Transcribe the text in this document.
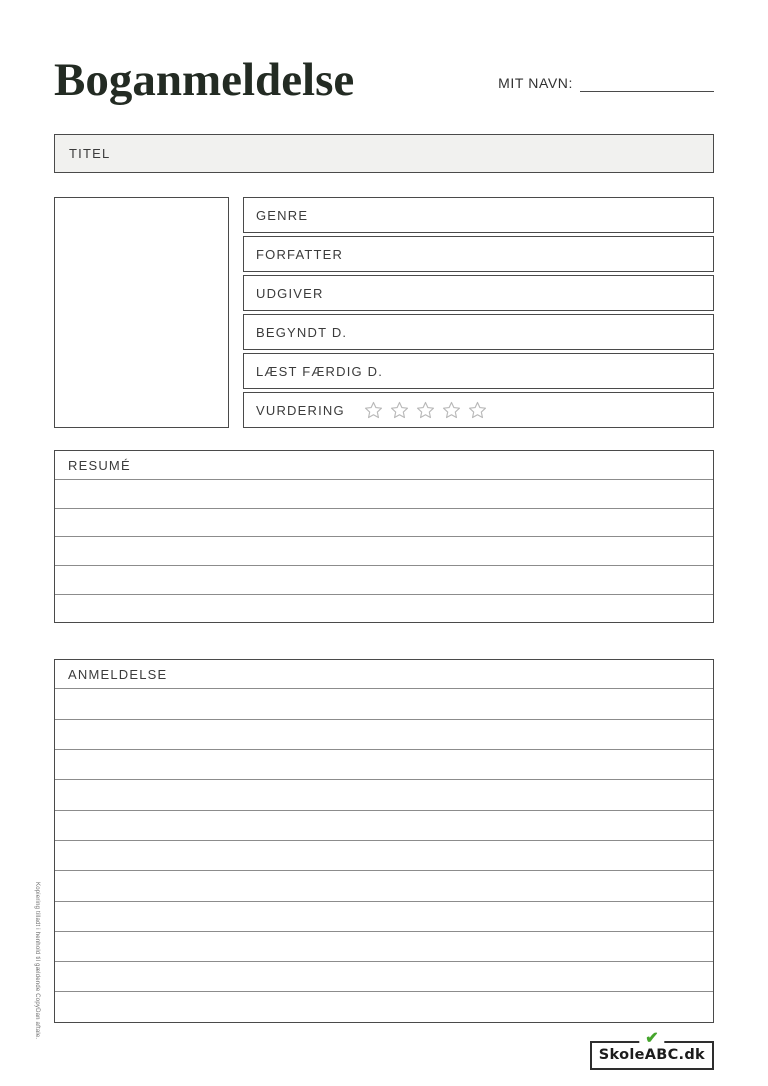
Boganmeldelse	MIT NAVN:
TITEL
GENRE
FORFATTER
UDGIVER
BEGYNDT D.
LÆST FÆRDIG D.
VURDERING
RESUMÉ
ANMELDELSE
Kopiering tilladt i henhold til gældende CopyDan aftale.	✔
SkoleABC.dk
